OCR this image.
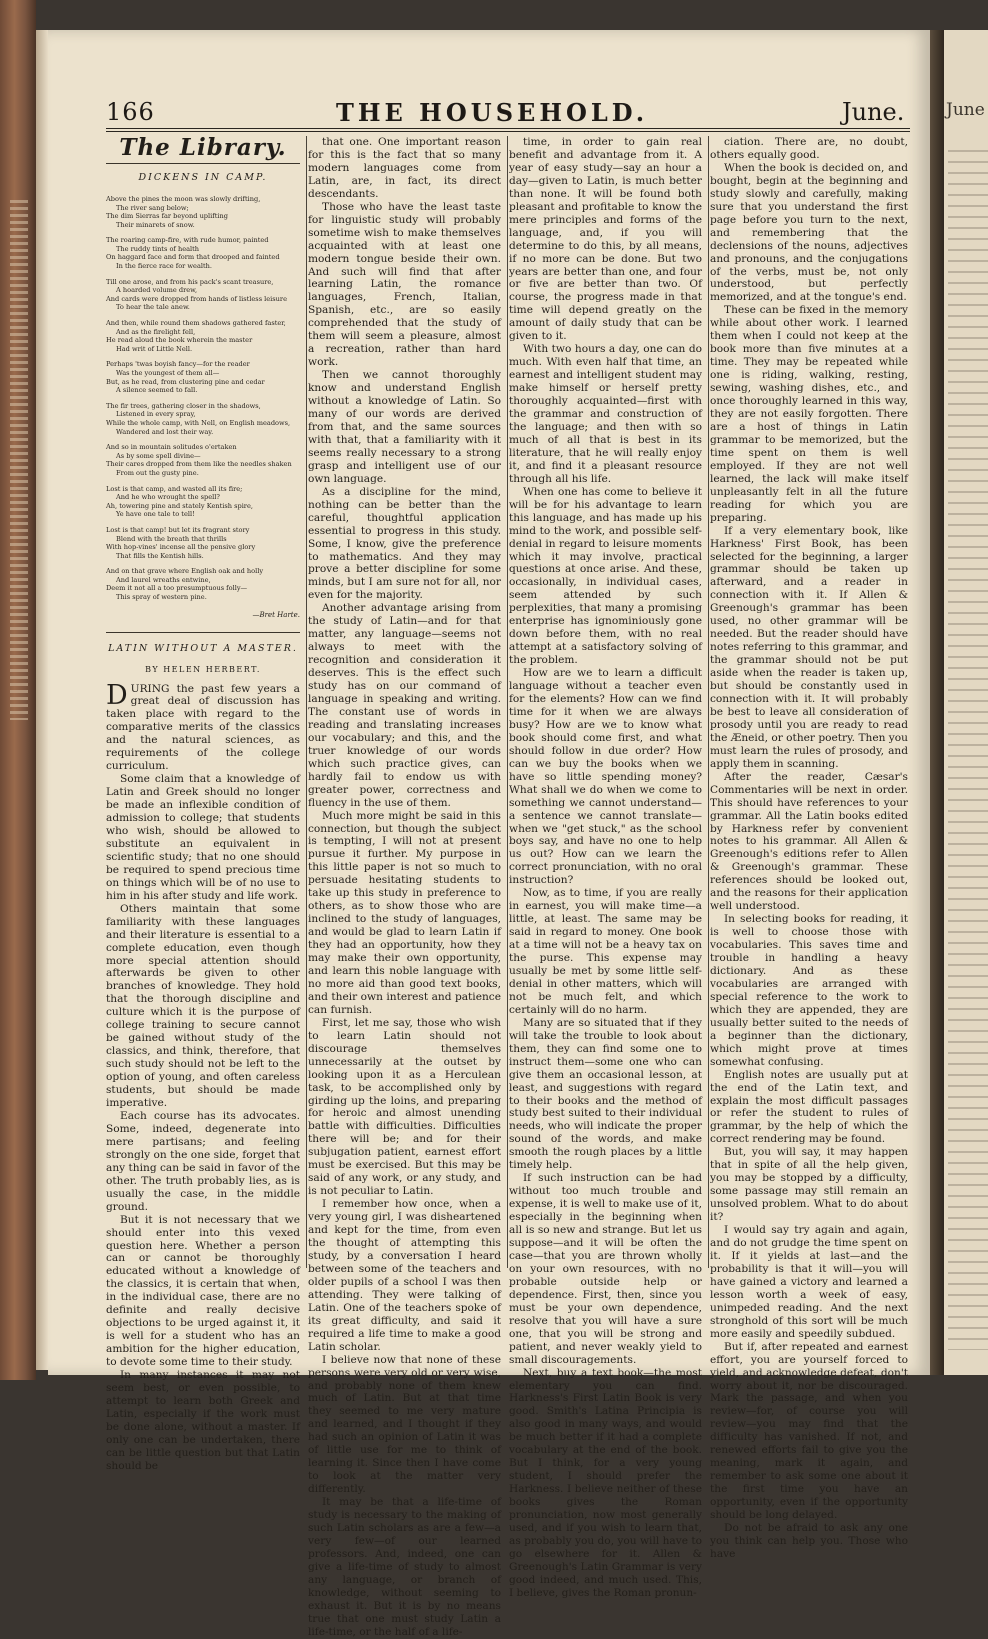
June
166	THE HOUSEHOLD.	June.
The Library.
DICKENS IN CAMP.
Above the pines the moon was slowly drifting,
The river sang below;
The dim Sierras far beyond uplifting
Their minarets of snow.
The roaring camp-fire, with rude humor, painted
The ruddy tints of health
On haggard face and form that drooped and fainted
In the fierce race for wealth.
Till one arose, and from his pack's scant treasure,
A hoarded volume drew,
And cards were dropped from hands of listless leisure
To hear the tale anew.
And then, while round them shadows gathered faster,
And as the firelight fell,
He read aloud the book wherein the master
Had writ of Little Nell.
Perhaps 'twas boyish fancy—for the reader
Was the youngest of them all—
But, as he read, from clustering pine and cedar
A silence seemed to fall.
The fir trees, gathering closer in the shadows,
Listened in every spray,
While the whole camp, with Nell, on English meadows,
Wandered and lost their way.
And so in mountain solitudes o'ertaken
As by some spell divine—
Their cares dropped from them like the needles shaken
From out the gusty pine.
Lost is that camp, and wasted all its fire;
And he who wrought the spell?
Ah, towering pine and stately Kentish spire,
Ye have one tale to tell!
Lost is that camp! but let its fragrant story
Blend with the breath that thrills
With hop-vines' incense all the pensive glory
That fills the Kentish hills.
And on that grave where English oak and holly
And laurel wreaths entwine,
Deem it not all a too presumptuous folly—
This spray of western pine.
—Bret Harte.
LATIN WITHOUT A MASTER.
BY HELEN HERBERT.

DURING the past few years a great deal of discussion has taken place with regard to the comparative merits of the classics and the natural sciences, as requirements of the college curriculum.

Some claim that a knowledge of Latin and Greek should no longer be made an inflexible condition of admission to college; that students who wish, should be allowed to substitute an equivalent in scientific study; that no one should be required to spend precious time on things which will be of no use to him in his after study and life work.

Others maintain that some familiarity with these languages and their literature is essential to a complete education, even though more special attention should afterwards be given to other branches of knowledge. They hold that the thorough discipline and culture which it is the purpose of college training to secure cannot be gained without study of the classics, and think, therefore, that such study should not be left to the option of young, and often careless students, but should be made imperative.

Each course has its advocates. Some, indeed, degenerate into mere partisans; and feeling strongly on the one side, forget that any thing can be said in favor of the other. The truth probably lies, as is usually the case, in the middle ground.

But it is not necessary that we should enter into this vexed question here. Whether a person can or cannot be thoroughly educated without a knowledge of the classics, it is certain that when, in the individual case, there are no definite and really decisive objections to be urged against it, it is well for a student who has an ambition for the higher education, to devote some time to their study.

In many instances it may not seem best, or even possible, to attempt to learn both Greek and Latin, especially if the work must be done alone, without a master. If only one can be undertaken, there can be little question but that Latin should be

that one. One important reason for this is the fact that so many modern languages come from Latin, are, in fact, its direct descendants.

Those who have the least taste for linguistic study will probably sometime wish to make themselves acquainted with at least one modern tongue beside their own. And such will find that after learning Latin, the romance languages, French, Italian, Spanish, etc., are so easily comprehended that the study of them will seem a pleasure, almost a recreation, rather than hard work.

Then we cannot thoroughly know and understand English without a knowledge of Latin. So many of our words are derived from that, and the same sources with that, that a familiarity with it seems really necessary to a strong grasp and intelligent use of our own language.

As a discipline for the mind, nothing can be better than the careful, thoughtful application essential to progress in this study. Some, I know, give the preference to mathematics. And they may prove a better discipline for some minds, but I am sure not for all, nor even for the majority.

Another advantage arising from the study of Latin—and for that matter, any language—seems not always to meet with the recognition and consideration it deserves. This is the effect such study has on our command of language in speaking and writing. The constant use of words in reading and translating increases our vocabulary; and this, and the truer knowledge of our words which such practice gives, can hardly fail to endow us with greater power, correctness and fluency in the use of them.

Much more might be said in this connection, but though the subject is tempting, I will not at present pursue it further. My purpose in this little paper is not so much to persuade hesitating students to take up this study in preference to others, as to show those who are inclined to the study of languages, and would be glad to learn Latin if they had an opportunity, how they may make their own opportunity, and learn this noble language with no more aid than good text books, and their own interest and patience can furnish.

First, let me say, those who wish to learn Latin should not discourage themselves unnecessarily at the outset by looking upon it as a Herculean task, to be accomplished only by girding up the loins, and preparing for heroic and almost unending battle with difficulties. Difficulties there will be; and for their subjugation patient, earnest effort must be exercised. But this may be said of any work, or any study, and is not peculiar to Latin.

I remember how once, when a very young girl, I was disheartened and kept for the time, from even the thought of attempting this study, by a conversation I heard between some of the teachers and older pupils of a school I was then attending. They were talking of Latin. One of the teachers spoke of its great difficulty, and said it required a life time to make a good Latin scholar.

I believe now that none of these persons were very old or very wise, and probably none of them knew much of Latin. But at that time they seemed to me very mature and learned, and I thought if they had such an opinion of Latin it was of little use for me to think of learning it. Since then I have come to look at the matter very differently.

It may be that a life-time of study is necessary to the making of such Latin scholars as are a few—a very few—of our learned professors. And, indeed, one can give a life-time of study to almost any language, or branch of knowledge, without seeming to exhaust it. But it is by no means true that one must study Latin a life-time, or the half of a life-

time, in order to gain real benefit and advantage from it. A year of easy study—say an hour a day—given to Latin, is much better than none. It will be found both pleasant and profitable to know the mere principles and forms of the language, and, if you will determine to do this, by all means, if no more can be done. But two years are better than one, and four or five are better than two. Of course, the progress made in that time will depend greatly on the amount of daily study that can be given to it.

With two hours a day, one can do much. With even half that time, an earnest and intelligent student may make himself or herself pretty thoroughly acquainted—first with the grammar and construction of the language; and then with so much of all that is best in its literature, that he will really enjoy it, and find it a pleasant resource through all his life.

When one has come to believe it will be for his advantage to learn this language, and has made up his mind to the work, and possible self-denial in regard to leisure moments which it may involve, practical questions at once arise. And these, occasionally, in individual cases, seem attended by such perplexities, that many a promising enterprise has ignominiously gone down before them, with no real attempt at a satisfactory solving of the problem.

How are we to learn a difficult language without a teacher even for the elements? How can we find time for it when we are always busy? How are we to know what book should come first, and what should follow in due order? How can we buy the books when we have so little spending money? What shall we do when we come to something we cannot understand—a sentence we cannot translate—when we "get stuck," as the school boys say, and have no one to help us out? How can we learn the correct pronunciation, with no oral instruction?

Now, as to time, if you are really in earnest, you will make time—a little, at least. The same may be said in regard to money. One book at a time will not be a heavy tax on the purse. This expense may usually be met by some little self-denial in other matters, which will not be much felt, and which certainly will do no harm.

Many are so situated that if they will take the trouble to look about them, they can find some one to instruct them—some one who can give them an occasional lesson, at least, and suggestions with regard to their books and the method of study best suited to their individual needs, who will indicate the proper sound of the words, and make smooth the rough places by a little timely help.

If such instruction can be had without too much trouble and expense, it is well to make use of it, especially in the beginning when all is so new and strange. But let us suppose—and it will be often the case—that you are thrown wholly on your own resources, with no probable outside help or dependence. First, then, since you must be your own dependence, resolve that you will have a sure one, that you will be strong and patient, and never weakly yield to small discouragements.

Next, buy a text book—the most elementary you can find. Harkness's First Latin Book is very good. Smith's Latina Principia is also good in many ways, and would be much better if it had a complete vocabulary at the end of the book. But I think, for a very young student, I should prefer the Harkness. I believe neither of these books gives the Roman pronunciation, now most generally used, and if you wish to learn that, as probably you do, you will have to go elsewhere for it. Allen & Greenough's Latin Grammar is very good indeed, and much used. This, I believe, gives the Roman pronun-

ciation. There are, no doubt, others equally good.

When the book is decided on, and bought, begin at the beginning and study slowly and carefully, making sure that you understand the first page before you turn to the next, and remembering that the declensions of the nouns, adjectives and pronouns, and the conjugations of the verbs, must be, not only understood, but perfectly memorized, and at the tongue's end.

These can be fixed in the memory while about other work. I learned them when I could not keep at the book more than five minutes at a time. They may be repeated while one is riding, walking, resting, sewing, washing dishes, etc., and once thoroughly learned in this way, they are not easily forgotten. There are a host of things in Latin grammar to be memorized, but the time spent on them is well employed. If they are not well learned, the lack will make itself unpleasantly felt in all the future reading for which you are preparing.

If a very elementary book, like Harkness' First Book, has been selected for the beginning, a larger grammar should be taken up afterward, and a reader in connection with it. If Allen & Greenough's grammar has been used, no other grammar will be needed. But the reader should have notes referring to this grammar, and the grammar should not be put aside when the reader is taken up, but should be constantly used in connection with it. It will probably be best to leave all consideration of prosody until you are ready to read the Æneid, or other poetry. Then you must learn the rules of prosody, and apply them in scanning.

After the reader, Cæsar's Commentaries will be next in order. This should have references to your grammar. All the Latin books edited by Harkness refer by convenient notes to his grammar. All Allen & Greenough's editions refer to Allen & Greenough's grammar. These references should be looked out, and the reasons for their application well understood.

In selecting books for reading, it is well to choose those with vocabularies. This saves time and trouble in handling a heavy dictionary. And as these vocabularies are arranged with special reference to the work to which they are appended, they are usually better suited to the needs of a beginner than the dictionary, which might prove at times somewhat confusing.

English notes are usually put at the end of the Latin text, and explain the most difficult passages or refer the student to rules of grammar, by the help of which the correct rendering may be found.

But, you will say, it may happen that in spite of all the help given, you may be stopped by a difficulty, some passage may still remain an unsolved problem. What to do about it?

I would say try again and again, and do not grudge the time spent on it. If it yields at last—and the probability is that it will—you will have gained a victory and learned a lesson worth a week of easy, unimpeded reading. And the next stronghold of this sort will be much more easily and speedily subdued.

But if, after repeated and earnest effort, you are yourself forced to yield, and acknowledge defeat, don't worry about it, nor be discouraged. Mark the passage, and when you review—for, of course you will review—you may find that the difficulty has vanished. If not, and renewed efforts fail to give you the meaning, mark it again, and remember to ask some one about it the first time you have an opportunity, even if the opportunity should be long delayed.

Do not be afraid to ask any one you think can help you. Those who have
